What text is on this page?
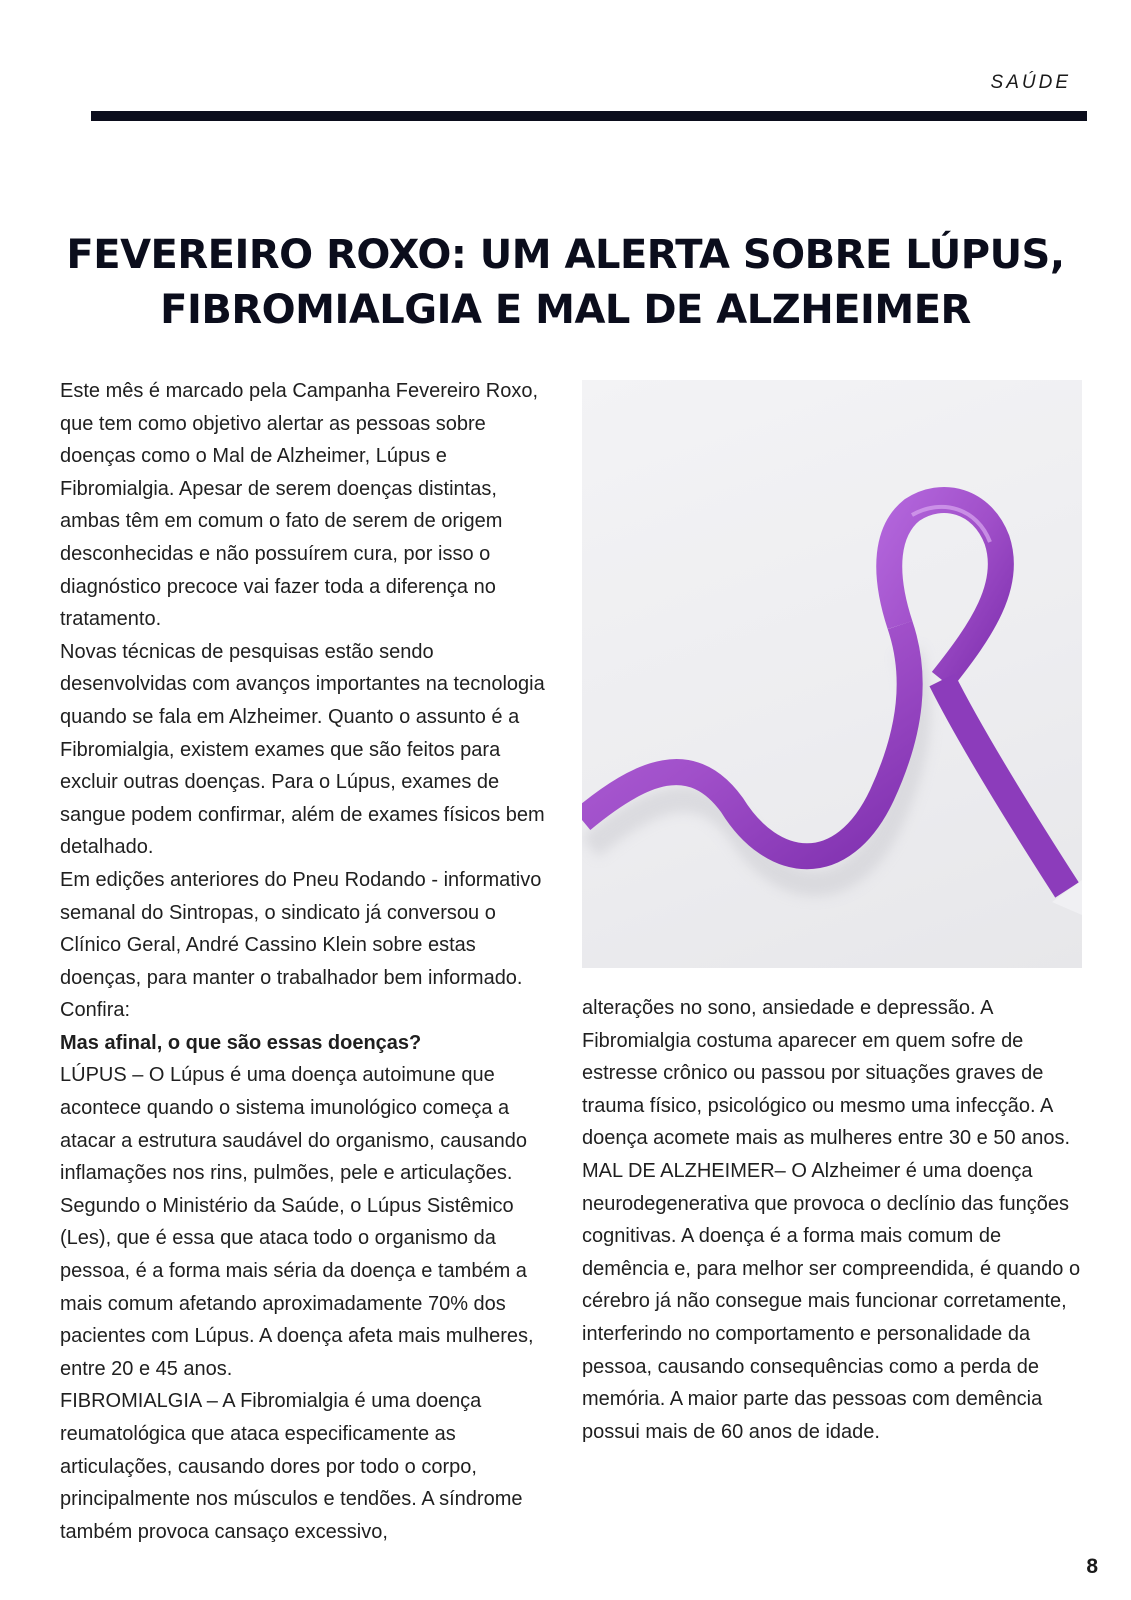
SAÚDE
FEVEREIRO ROXO: UM ALERTA SOBRE LÚPUS,
FIBROMIALGIA E MAL DE ALZHEIMER

Este mês é marcado pela Campanha Fevereiro Roxo, que tem como objetivo alertar as pessoas sobre doenças como o Mal de Alzheimer, Lúpus e Fibromialgia. Apesar de serem doenças distintas, ambas têm em comum o fato de serem de origem desconhecidas e não possuírem cura, por isso o diagnóstico precoce vai fazer toda a diferença no tratamento.

Novas técnicas de pesquisas estão sendo desenvolvidas com avanços importantes na tecnologia quando se fala em Alzheimer. Quanto o assunto é a Fibromialgia, existem exames que são feitos para excluir outras doenças. Para o Lúpus, exames de sangue podem confirmar, além de exames físicos bem detalhado.

Em edições anteriores do Pneu Rodando - informativo semanal do Sintropas, o sindicato já conversou o Clínico Geral, André Cassino Klein sobre estas doenças, para manter o trabalhador bem informado. Confira:

Mas afinal, o que são essas doenças?

LÚPUS – O Lúpus é uma doença autoimune que acontece quando o sistema imunológico começa a atacar a estrutura saudável do organismo, causando inflamações nos rins, pulmões, pele e articulações. Segundo o Ministério da Saúde, o Lúpus Sistêmico (Les), que é essa que ataca todo o organismo da pessoa, é a forma mais séria da doença e também a mais comum afetando aproximadamente 70% dos pacientes com Lúpus. A doença afeta mais mulheres, entre 20 e 45 anos.

FIBROMIALGIA – A Fibromialgia é uma doença reumatológica que ataca especificamente as articulações, causando dores por todo o corpo, principalmente nos músculos e tendões. A síndrome também provoca cansaço excessivo,

alterações no sono, ansiedade e depressão. A Fibromialgia costuma aparecer em quem sofre de estresse crônico ou passou por situações graves de trauma físico, psicológico ou mesmo uma infecção. A doença acomete mais as mulheres entre 30 e 50 anos.

MAL DE ALZHEIMER– O Alzheimer é uma doença neurodegenerativa que provoca o declínio das funções cognitivas. A doença é a forma mais comum de demência e, para melhor ser compreendida, é quando o cérebro já não consegue mais funcionar corretamente, interferindo no comportamento e personalidade da pessoa, causando consequências como a perda de memória. A maior parte das pessoas com demência possui mais de 60 anos de idade.

8
